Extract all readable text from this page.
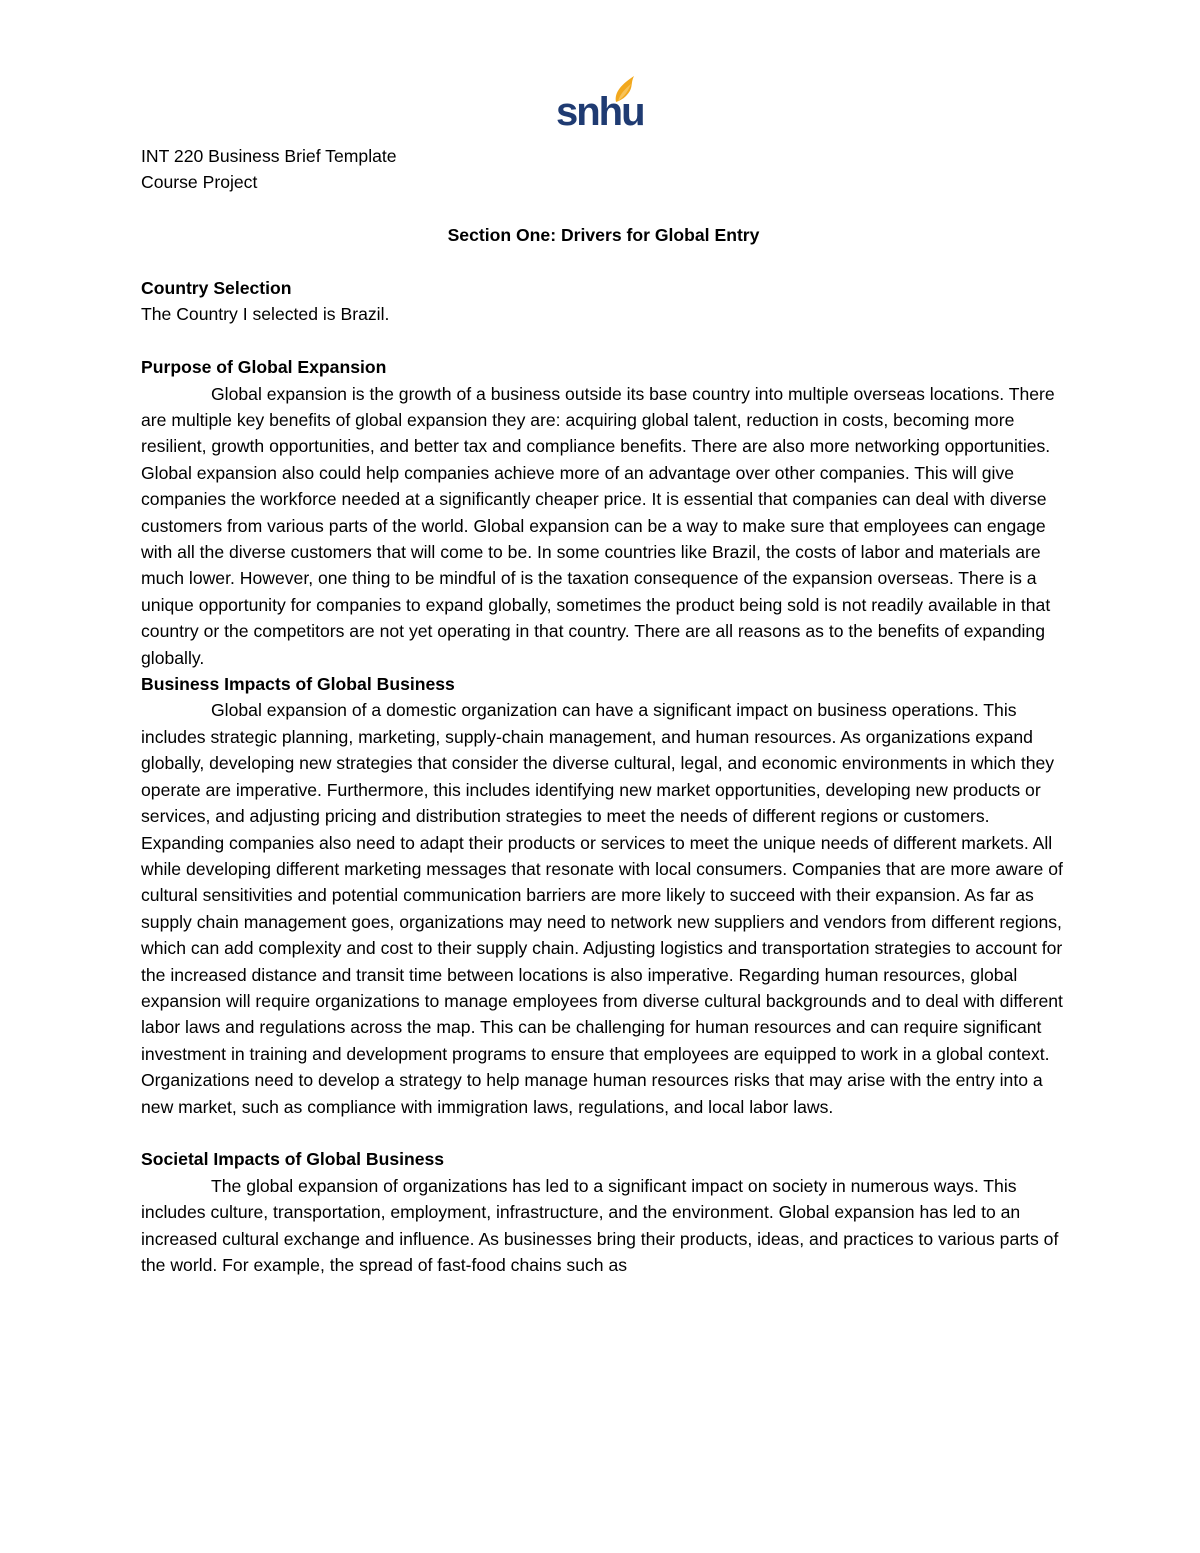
snhu
INT 220 Business Brief Template
Course Project
Section One: Drivers for Global Entry
Country Selection
The Country I selected is Brazil.
Purpose of Global Expansion

Global expansion is the growth of a business outside its base country into multiple overseas locations. There are multiple key benefits of global expansion they are: acquiring global talent, reduction in costs, becoming more resilient, growth opportunities, and better tax and compliance benefits. There are also more networking opportunities. Global expansion also could help companies achieve more of an advantage over other companies. This will give companies the workforce needed at a significantly cheaper price. It is essential that companies can deal with diverse customers from various parts of the world. Global expansion can be a way to make sure that employees can engage with all the diverse customers that will come to be. In some countries like Brazil, the costs of labor and materials are much lower. However, one thing to be mindful of is the taxation consequence of the expansion overseas. There is a unique opportunity for companies to expand globally, sometimes the product being sold is not readily available in that country or the competitors are not yet operating in that country. There are all reasons as to the benefits of expanding globally.

Business Impacts of Global Business

Global expansion of a domestic organization can have a significant impact on business operations. This includes strategic planning, marketing, supply-chain management, and human resources. As organizations expand globally, developing new strategies that consider the diverse cultural, legal, and economic environments in which they operate are imperative. Furthermore, this includes identifying new market opportunities, developing new products or services, and adjusting pricing and distribution strategies to meet the needs of different regions or customers. Expanding companies also need to adapt their products or services to meet the unique needs of different markets. All while developing different marketing messages that resonate with local consumers. Companies that are more aware of cultural sensitivities and potential communication barriers are more likely to succeed with their expansion. As far as supply chain management goes, organizations may need to network new suppliers and vendors from different regions, which can add complexity and cost to their supply chain. Adjusting logistics and transportation strategies to account for the increased distance and transit time between locations is also imperative. Regarding human resources, global expansion will require organizations to manage employees from diverse cultural backgrounds and to deal with different labor laws and regulations across the map. This can be challenging for human resources and can require significant investment in training and development programs to ensure that employees are equipped to work in a global context. Organizations need to develop a strategy to help manage human resources risks that may arise with the entry into a new market, such as compliance with immigration laws, regulations, and local labor laws.

Societal Impacts of Global Business

The global expansion of organizations has led to a significant impact on society in numerous ways. This includes culture, transportation, employment, infrastructure, and the environment. Global expansion has led to an increased cultural exchange and influence. As businesses bring their products, ideas, and practices to various parts of the world. For example, the spread of fast-food chains such as
